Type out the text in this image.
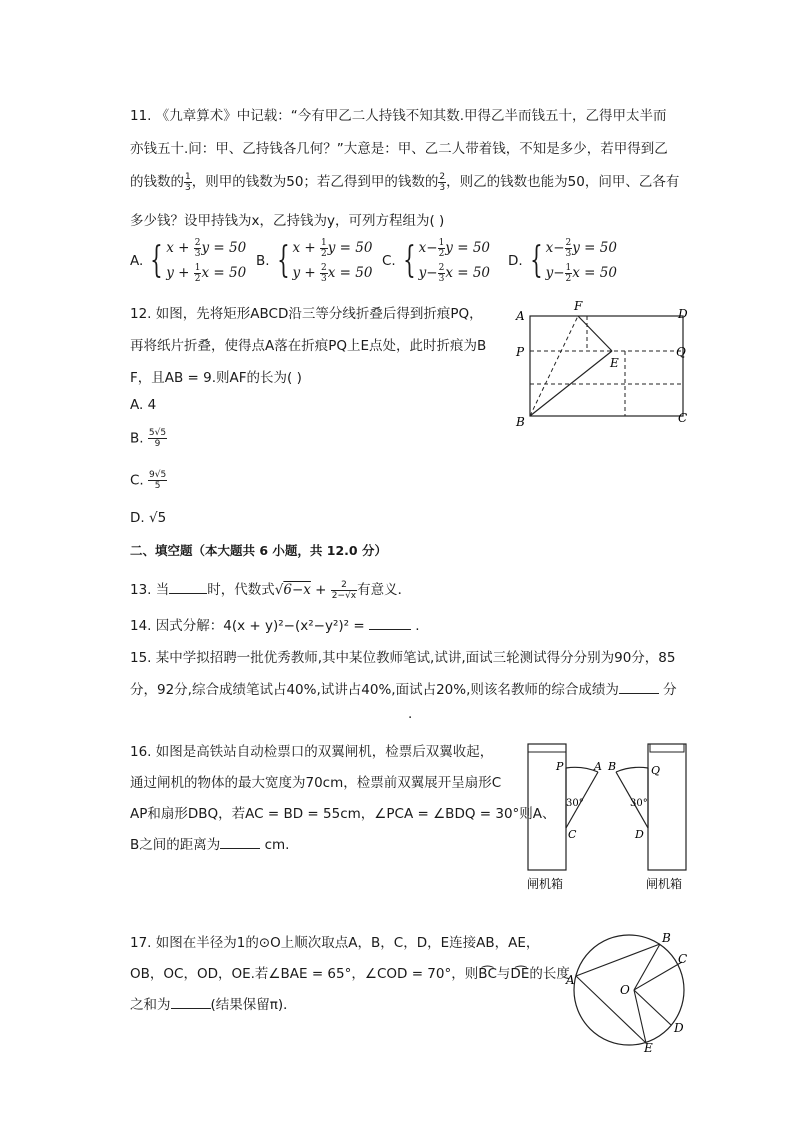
11. 《九章算术》中记载：“今有甲乙二人持钱不知其数.甲得乙半而钱五十，乙得甲太半而
亦钱五十.问：甲、乙持钱各几何？”大意是：甲、乙二人带着钱，不知是多少，若甲得到乙
的钱数的 $\frac{1}{3}$ ，则甲的钱数为50；若乙得到甲的钱数的 $\frac{2}{3}$ ，则乙的钱数也能为50，问甲、乙各有
多少钱？设甲持钱为x，乙持钱为y，可列方程组为( )
A. { $x + \frac{2}{3}$ y = 50
$y + \frac{1}{2}$ x = 50
B. { $x + \frac{1}{2}$ y = 50
$y + \frac{2}{3}$ x = 50
C. { $x- \frac{1}{2}$ y = 50
$y- \frac{2}{3}$ x = 50
D. { $x- \frac{2}{3}$ y = 50
$y- \frac{1}{2}$ x = 50
12. 如图，先将矩形ABCD沿三等分线折叠后得到折痕PQ，
再将纸片折叠，使得点A落在折痕PQ上E点处，此时折痕为B
F，且AB = 9.则AF的长为( )
A. 4
B. $\frac{5√5}{9}$
C. $\frac{9√5}{5}$
D. √5
A
F
D
P
E
Q
B	C
二、填空题（本大题共 6 小题，共 12.0 分）
13. 当	时，代数式$√6-x + \frac{2}{2-√x}$ 有意义．
14. 因式分解：4(x + y)²−(x²−y²)² =	.
15. 某中学拟招聘一批优秀教师,其中某位教师笔试,试讲,面试三轮测试得分分别为90分，85
分，92分,综合成绩笔试占40%,试讲占40%,面试占20%,则该名教师的综合成绩为	分
.
16. 如图是高铁站自动检票口的双翼闸机，检票后双翼收起，
通过闸机的物体的最大宽度为70cm，检票前双翼展开呈扇形C
AP和扇形DBQ，若AC = BD = 55cm，∠PCA = ∠BDQ = 30°则A、
B之间的距离为	cm.
P	A B	Q
C	D
30°	30°
闸机箱	闸机箱
17. 如图在半径为1的⊙O上顺次取点A，B，C，D，E连接AB，AE，
OB，OC，OD，OE.若∠BAE = 65°，∠COD = 70°，则B͡C与D͡E的长度
之和为	(结果保留π)．
B
C
A
O
D
E
